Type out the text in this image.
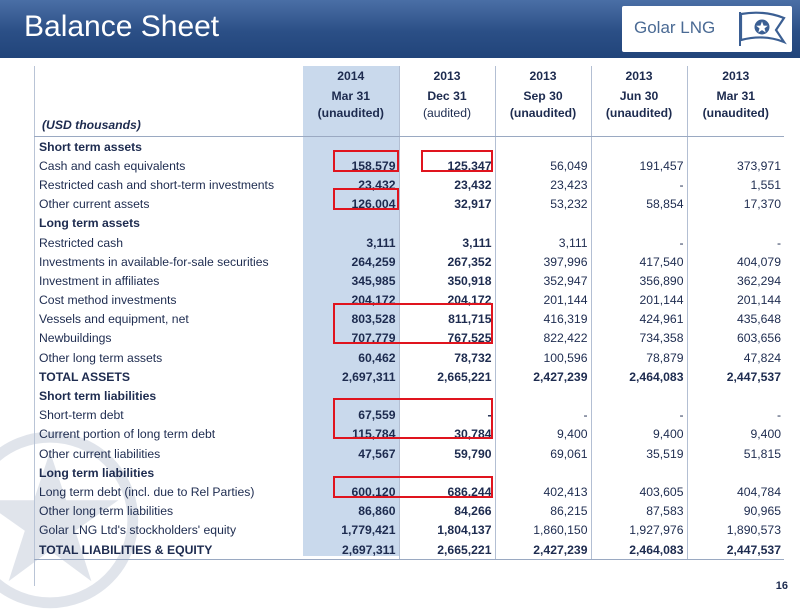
Balance Sheet	Golar LNG
	2014	2013	2013	2013	2013
	Mar 31	Dec 31	Sep 30	Jun 30	Mar 31
(USD thousands)	(unaudited)	(audited)	(unaudited)	(unaudited)	(unaudited)
Short term assets					
Cash and cash equivalents	158,579	125,347	56,049	191,457	373,971
Restricted cash and short-term investments	23,432	23,432	23,423	-	1,551
Other current assets	126,004	32,917	53,232	58,854	17,370
Long term assets					
Restricted cash	3,111	3,111	3,111	-	-
Investments in available-for-sale securities	264,259	267,352	397,996	417,540	404,079
Investment in affiliates	345,985	350,918	352,947	356,890	362,294
Cost method investments	204,172	204,172	201,144	201,144	201,144
Vessels and equipment, net	803,528	811,715	416,319	424,961	435,648
Newbuildings	707,779	767,525	822,422	734,358	603,656
Other long term assets	60,462	78,732	100,596	78,879	47,824
TOTAL ASSETS	2,697,311	2,665,221	2,427,239	2,464,083	2,447,537
Short term liabilities					
Short-term debt	67,559	-	-	-	-
Current portion of long term debt	115,784	30,784	9,400	9,400	9,400
Other current liabilities	47,567	59,790	69,061	35,519	51,815
Long term liabilities					
Long term debt (incl. due to Rel Parties)	600,120	686,244	402,413	403,605	404,784
Other long term liabilities	86,860	84,266	86,215	87,583	90,965
Golar LNG Ltd's stockholders' equity	1,779,421	1,804,137	1,860,150	1,927,976	1,890,573
TOTAL LIABILITIES & EQUITY	2,697,311	2,665,221	2,427,239	2,464,083	2,447,537
16
